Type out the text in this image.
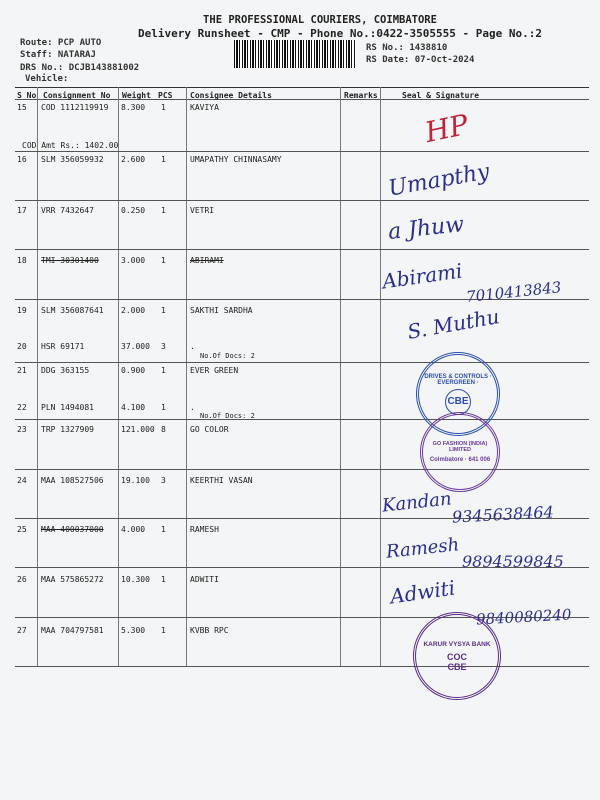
THE PROFESSIONAL COURIERS, COIMBATORE
Delivery Runsheet - CMP - Phone No.:0422-3505555 - Page No.:2
Route: PCP AUTO
Staff: NATARAJ
DRS No.: DCJB143881002
Vehicle:
RS No.: 1438810
RS Date: 07-Oct-2024
S No Consignment No Weight PCS Consignee Details	Remarks	Seal & Signature
15 COD 1112119919 8.300 1	KAVIYA
COD Amt Rs.: 1402.00
16 SLM 356059932 2.600 1	UMAPATHY CHINNASAMY
17 VRR 7432647	0.250 1	VETRI
18 TMI 30301400	3.000 1	ABIRAMI
19 SLM 356087641 2.000 1	SAKTHI SARDHA
20 HSR 69171	37.000 3	.
No.Of Docs: 2
21 DDG 363155	0.900 1	EVER GREEN
22 PLN 1494081	4.100 1	.
No.Of Docs: 2
23 TRP 1327909	121.000 8	GO COLOR
24 MAA 108527506 19.100 3	KEERTHI VASAN
25 MAA 400037000 4.000 1	RAMESH
26 MAA 575865272 10.300 1	ADWITI
27 MAA 704797581 5.300 1	KVBB RPC
HP
Umapthy
a Jhuw
Abirami 7010413843
S. Muthu
Kandan 9345638464
Ramesh 9894599845
Adwiti
9840080240
DRIVES & CONTROLS · EVERGREEN ·
CBE
GO FASHION (INDIA) LIMITED
Coimbatore · 641 006
KARUR VYSYA BANK
COC
CBE
